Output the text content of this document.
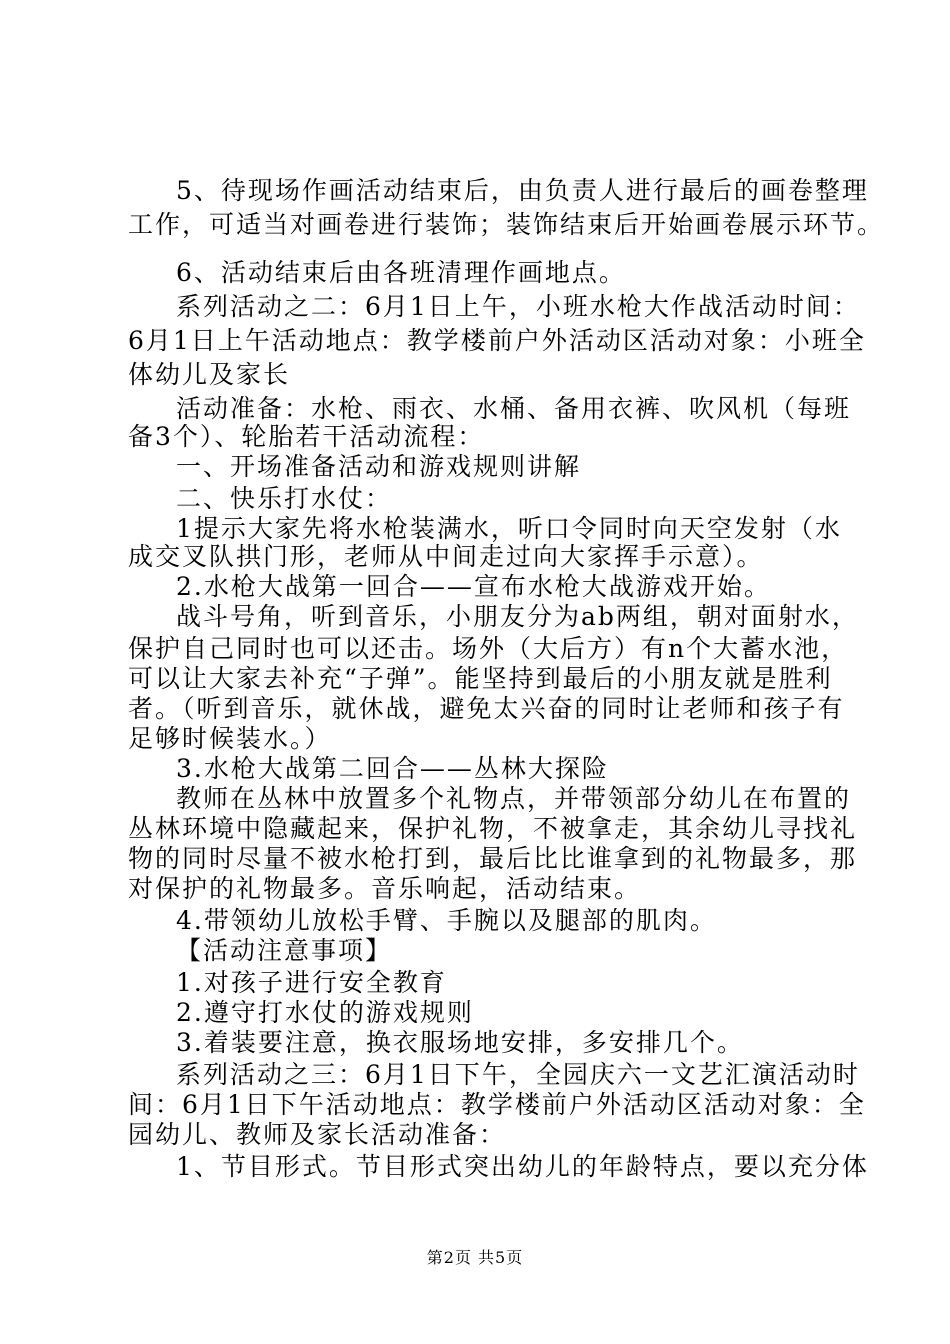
5、待现场作画活动结束后，由负责人进行最后的画卷整理
工作，可适当对画卷进行装饰；装饰结束后开始画卷展示环节。
6、活动结束后由各班清理作画地点。
系列活动之二：6月1日上午，小班水枪大作战活动时间：
6月1日上午活动地点：教学楼前户外活动区活动对象：小班全
体幼儿及家长
活动准备：水枪、雨衣、水桶、备用衣裤、吹风机（每班
备3个）、轮胎若干活动流程：
一、开场准备活动和游戏规则讲解
二、快乐打水仗：
1提示大家先将水枪装满水，听口令同时向天空发射（水
成交叉队拱门形，老师从中间走过向大家挥手示意）。
2.水枪大战第一回合——宣布水枪大战游戏开始。
战斗号角，听到音乐，小朋友分为ab两组，朝对面射水，
保护自己同时也可以还击。场外（大后方）有n个大蓄水池，
可以让大家去补充“子弹”。能坚持到最后的小朋友就是胜利
者。（听到音乐，就休战，避免太兴奋的同时让老师和孩子有
足够时候装水。）
3.水枪大战第二回合——丛林大探险
教师在丛林中放置多个礼物点，并带领部分幼儿在布置的
丛林环境中隐藏起来，保护礼物，不被拿走，其余幼儿寻找礼
物的同时尽量不被水枪打到，最后比比谁拿到的礼物最多，那
对保护的礼物最多。音乐响起，活动结束。
4.带领幼儿放松手臂、手腕以及腿部的肌肉。
【活动注意事项】
1.对孩子进行安全教育
2.遵守打水仗的游戏规则
3.着装要注意，换衣服场地安排，多安排几个。
系列活动之三：6月1日下午，全园庆六一文艺汇演活动时
间：6月1日下午活动地点：教学楼前户外活动区活动对象：全
园幼儿、教师及家长活动准备：
1、节目形式。节目形式突出幼儿的年龄特点，要以充分体
第2页 共5页
